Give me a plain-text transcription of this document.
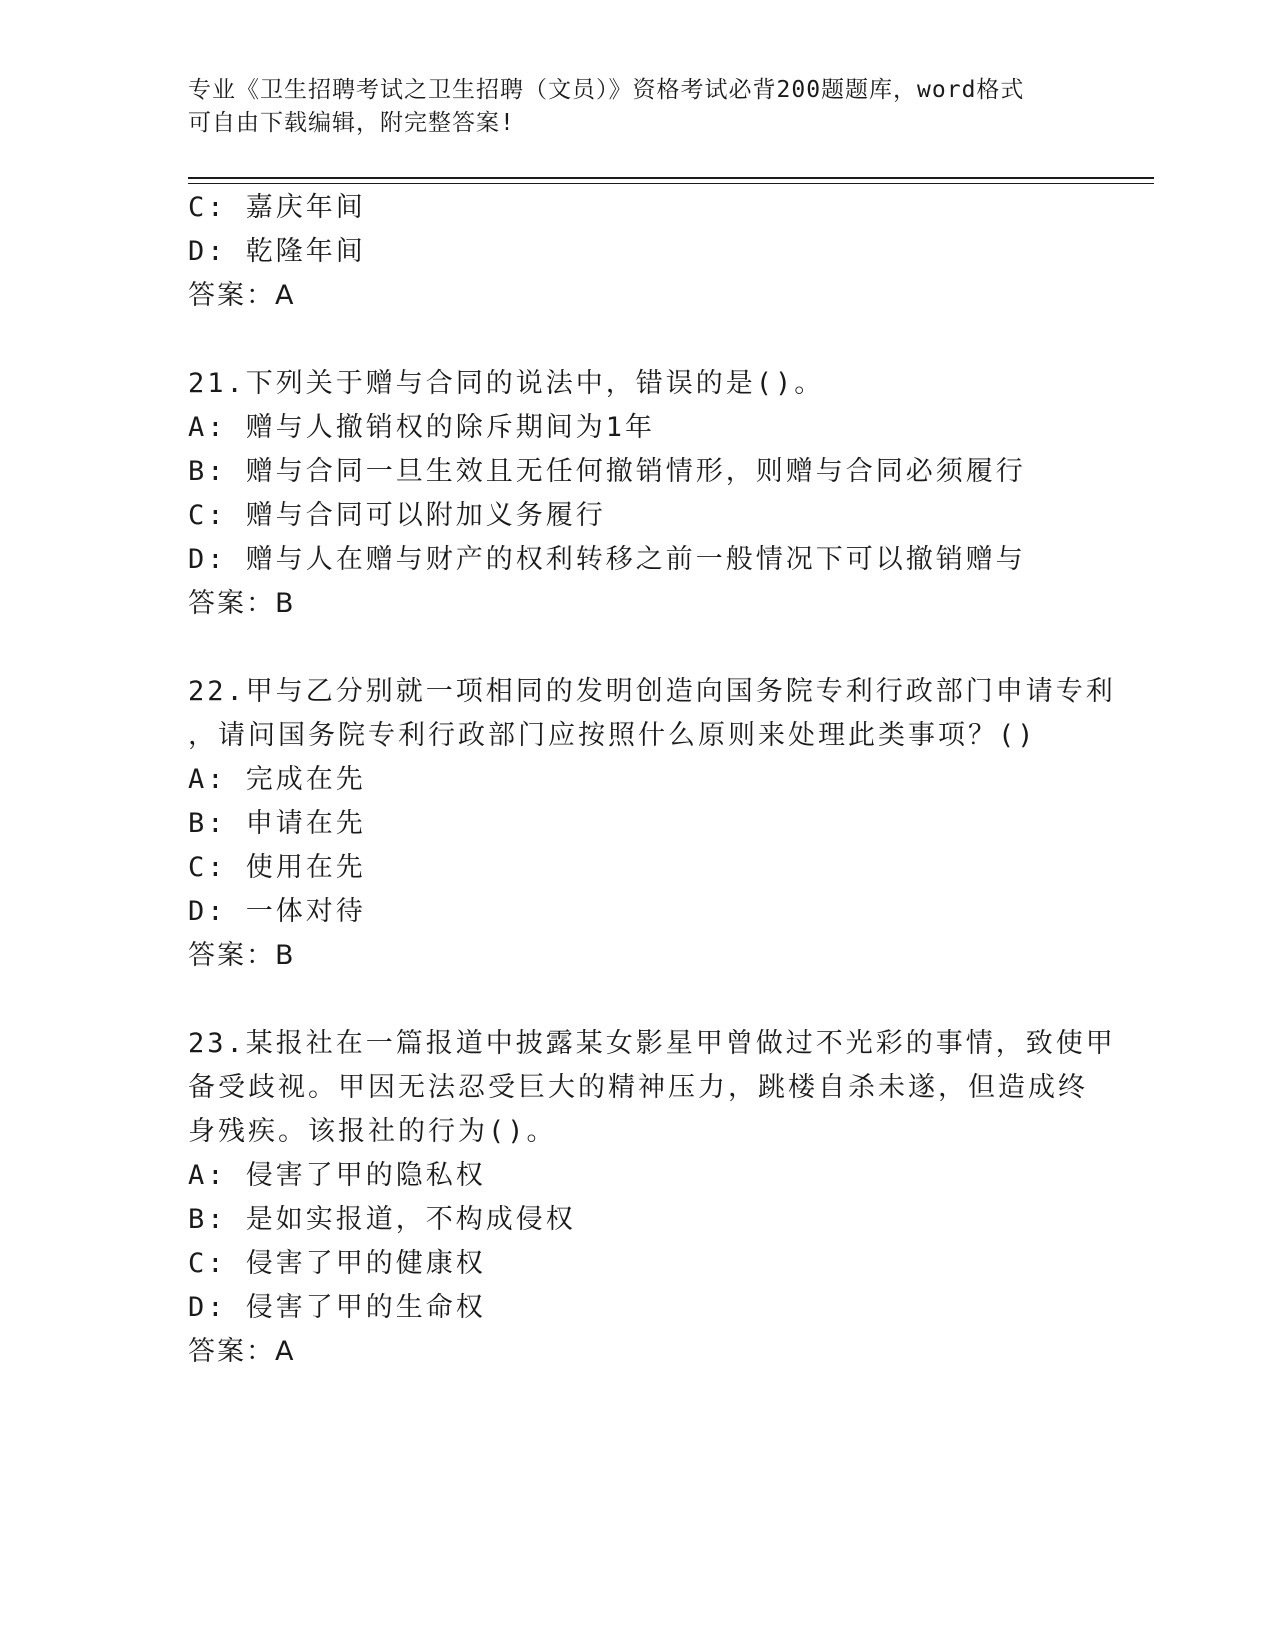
专业《卫生招聘考试之卫生招聘（文员）》资格考试必背200题题库，word格式
可自由下载编辑，附完整答案!
C: 嘉庆年间
D: 乾隆年间
答案：A
21.下列关于赠与合同的说法中，错误的是()。
A: 赠与人撤销权的除斥期间为1年
B: 赠与合同一旦生效且无任何撤销情形，则赠与合同必须履行
C: 赠与合同可以附加义务履行
D: 赠与人在赠与财产的权利转移之前一般情况下可以撤销赠与
答案：B
22.甲与乙分别就一项相同的发明创造向国务院专利行政部门申请专利
，请问国务院专利行政部门应按照什么原则来处理此类事项？()
A: 完成在先
B: 申请在先
C: 使用在先
D: 一体对待
答案：B
23.某报社在一篇报道中披露某女影星甲曾做过不光彩的事情，致使甲
备受歧视。甲因无法忍受巨大的精神压力，跳楼自杀未遂，但造成终
身残疾。该报社的行为()。
A: 侵害了甲的隐私权
B: 是如实报道，不构成侵权
C: 侵害了甲的健康权
D: 侵害了甲的生命权
答案：A
